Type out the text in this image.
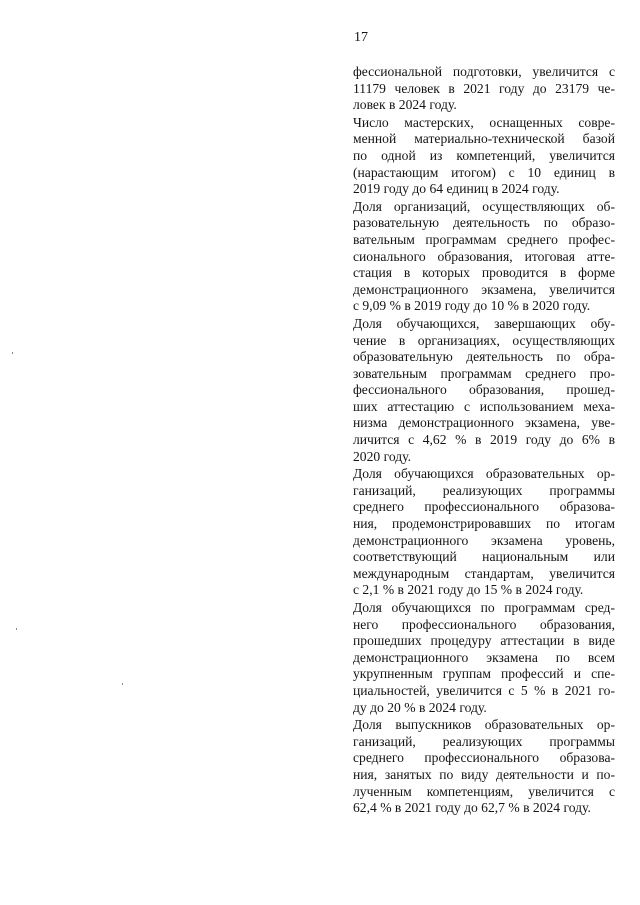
17
фессиональной подготовки, увеличится с
11179 человек в 2021 году до 23179 че-
ловек в 2024 году.
Число мастерских, оснащенных совре-
менной материально-технической базой
по одной из компетенций, увеличится
(нарастающим итогом) с 10 единиц в
2019 году до 64 единиц в 2024 году.
Доля организаций, осуществляющих об-
разовательную деятельность по образо-
вательным программам среднего профес-
сионального образования, итоговая атте-
стация в которых проводится в форме
демонстрационного экзамена, увеличится
с 9,09 % в 2019 году до 10 % в 2020 году.
Доля обучающихся, завершающих обу-
чение в организациях, осуществляющих
образовательную деятельность по обра-
зовательным программам среднего про-
фессионального образования, прошед-
ших аттестацию с использованием меха-
низма демонстрационного экзамена, уве-
личится с 4,62 % в 2019 году до 6% в
2020 году.
Доля обучающихся образовательных ор-
ганизаций, реализующих программы
среднего профессионального образова-
ния, продемонстрировавших по итогам
демонстрационного экзамена уровень,
соответствующий национальным или
международным стандартам, увеличится
с 2,1 % в 2021 году до 15 % в 2024 году.
Доля обучающихся по программам сред-
него профессионального образования,
прошедших процедуру аттестации в виде
демонстрационного экзамена по всем
укрупненным группам профессий и спе-
циальностей, увеличится с 5 % в 2021 го-
ду до 20 % в 2024 году.
Доля выпускников образовательных ор-
ганизаций, реализующих программы
среднего профессионального образова-
ния, занятых по виду деятельности и по-
лученным компетенциям, увеличится с
62,4 % в 2021 году до 62,7 % в 2024 году.
